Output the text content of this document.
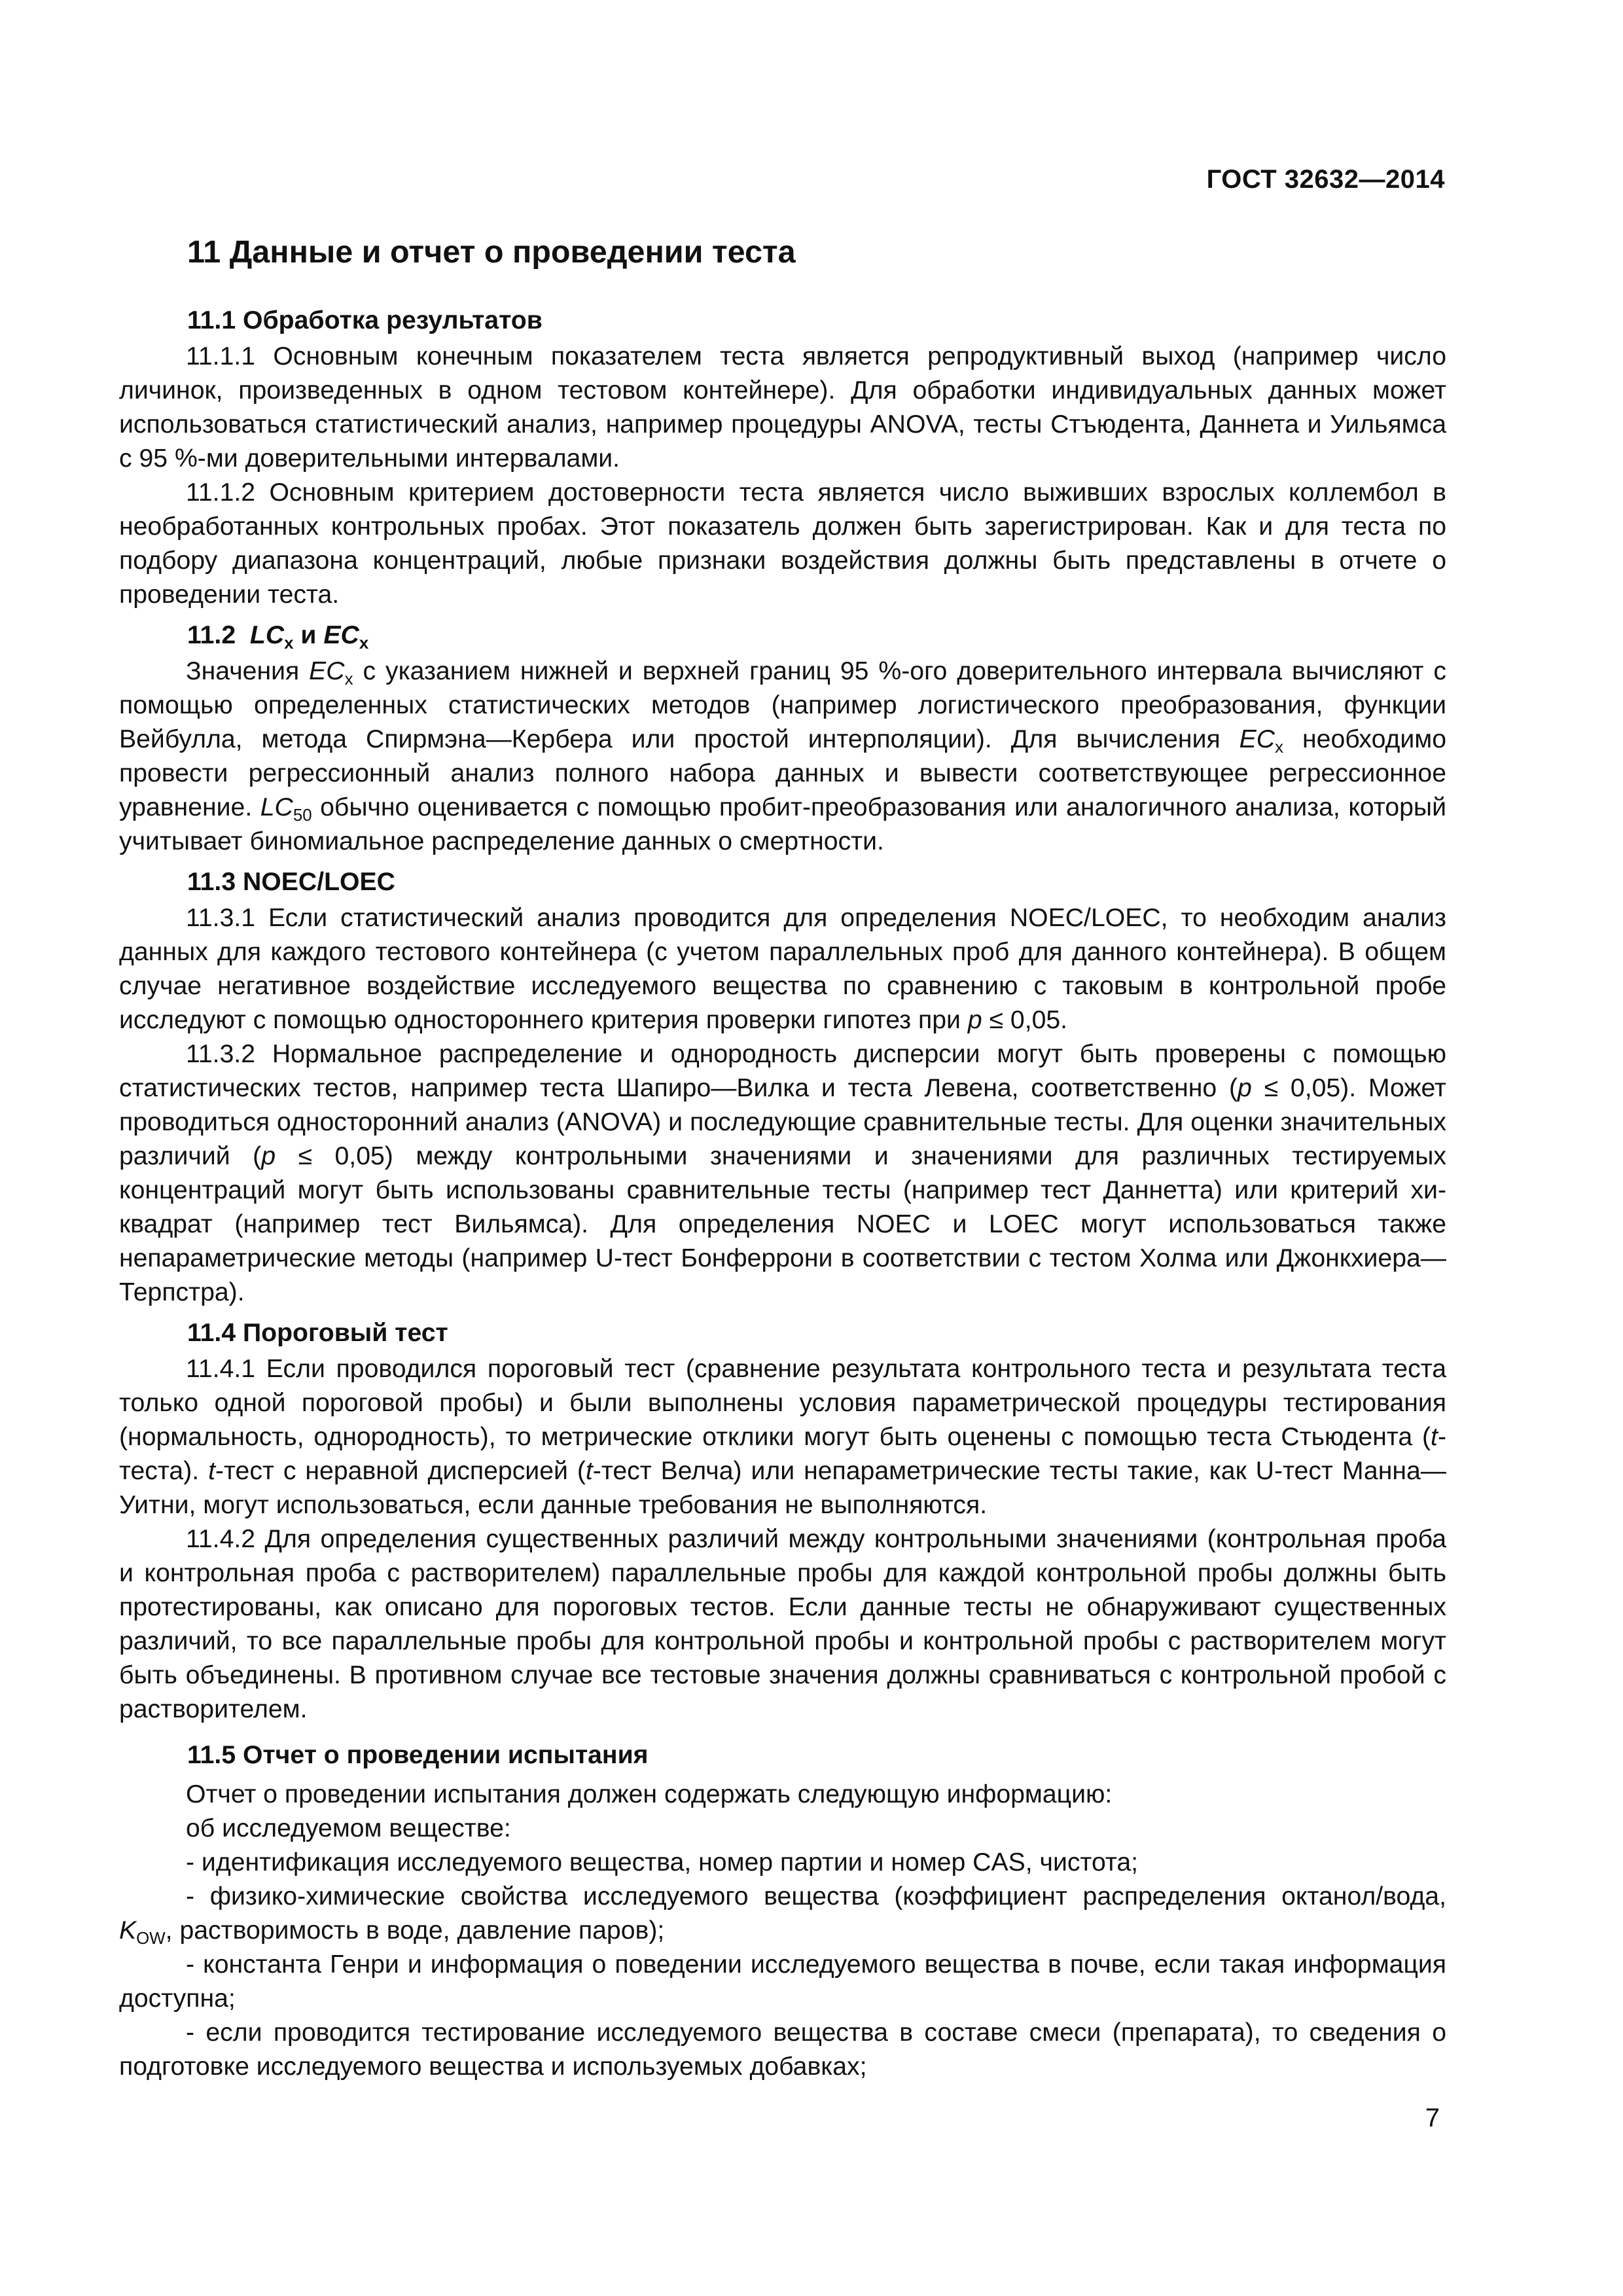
ГОСТ 32632—2014
11 Данные и отчет о проведении теста
11.1 Обработка результатов

11.1.1 Основным конечным показателем теста является репродуктивный выход (например число личинок, произведенных в одном тестовом контейнере). Для обработки индивидуальных данных может использоваться статистический анализ, например процедуры ANOVA, тесты Стъюдента, Даннета и Уильямса с 95 %-ми доверительными интервалами.

11.1.2 Основным критерием достоверности теста является число выживших взрослых коллембол в необработанных контрольных пробах. Этот показатель должен быть зарегистрирован. Как и для теста по подбору диапазона концентраций, любые признаки воздействия должны быть представлены в отчете о проведении теста.

11.2 $LC_x$ и $EC_x$

Значения $EC_x$ с указанием нижней и верхней границ 95 %-ого доверительного интервала вычисляют с помощью определенных статистических методов (например логистического преобразования, функции Вейбулла, метода Спирмэна—Кербера или простой интерполяции). Для вычисления $EC_x$ необходимо провести регрессионный анализ полного набора данных и вывести соответствующее регрессионное уравнение. $LC_{50}$ обычно оценивается с помощью пробит-преобразования или аналогичного анализа, который учитывает биномиальное распределение данных о смертности.

11.3 NOEC/LOEC

11.3.1 Если статистический анализ проводится для определения NOEC/LOEC, то необходим анализ данных для каждого тестового контейнера (с учетом параллельных проб для данного контейнера). В общем случае негативное воздействие исследуемого вещества по сравнению с таковым в контрольной пробе исследуют с помощью одностороннего критерия проверки гипотез при p ≤ 0,05.

11.3.2 Нормальное распределение и однородность дисперсии могут быть проверены с помощью статистических тестов, например теста Шапиро—Вилка и теста Левена, соответственно (p ≤ 0,05). Может проводиться односторонний анализ (ANOVA) и последующие сравнительные тесты. Для оценки значительных различий (p ≤ 0,05) между контрольными значениями и значениями для различных тестируемых концентраций могут быть использованы сравнительные тесты (например тест Даннетта) или критерий хи-квадрат (например тест Вильямса). Для определения NOEC и LOEC могут использоваться также непараметрические методы (например U-тест Бонферрони в соответствии с тестом Холма или Джонкхиера—Терпстра).

11.4 Пороговый тест

11.4.1 Если проводился пороговый тест (сравнение результата контрольного теста и результата теста только одной пороговой пробы) и были выполнены условия параметрической процедуры тестирования (нормальность, однородность), то метрические отклики могут быть оценены с помощью теста Стьюдента (t-теста). t-тест с неравной дисперсией (t-тест Велча) или непараметрические тесты такие, как U-тест Манна—Уитни, могут использоваться, если данные требования не выполняются.

11.4.2 Для определения существенных различий между контрольными значениями (контрольная проба и контрольная проба с растворителем) параллельные пробы для каждой контрольной пробы должны быть протестированы, как описано для пороговых тестов. Если данные тесты не обнаруживают существенных различий, то все параллельные пробы для контрольной пробы и контрольной пробы с растворителем могут быть объединены. В противном случае все тестовые значения должны сравниваться с контрольной пробой с растворителем.

11.5 Отчет о проведении испытания

Отчет о проведении испытания должен содержать следующую информацию:

об исследуемом веществе:

- идентификация исследуемого вещества, номер партии и номер CAS, чистота;

- физико-химические свойства исследуемого вещества (коэффициент распределения октанол/вода, $K_{OW}$, растворимость в воде, давление паров);

- константа Генри и информация о поведении исследуемого вещества в почве, если такая информация доступна;

- если проводится тестирование исследуемого вещества в составе смеси (препарата), то сведения о подготовке исследуемого вещества и используемых добавках;

7
